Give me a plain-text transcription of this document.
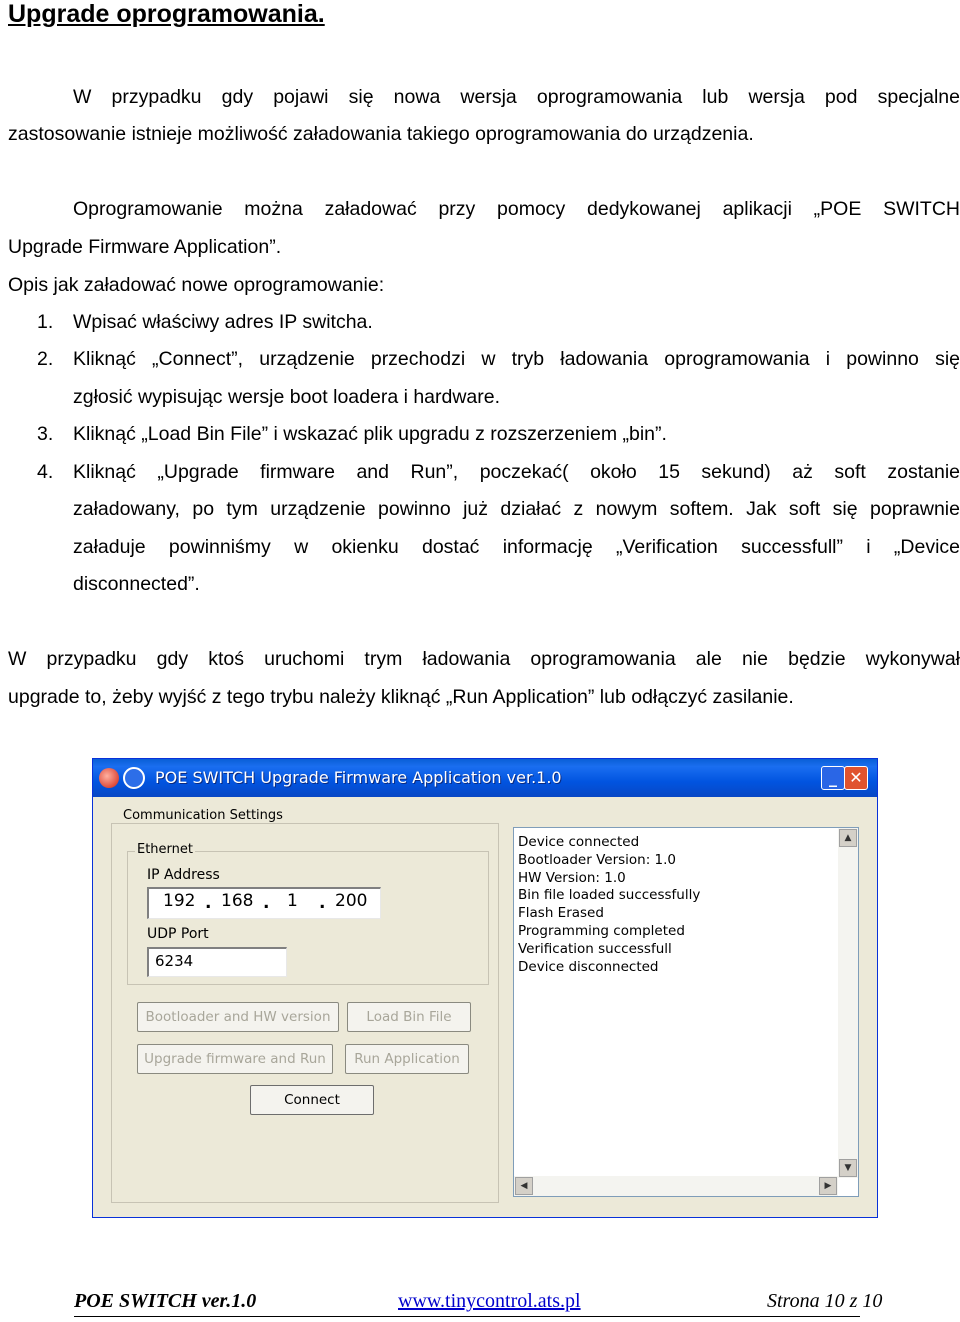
Upgrade oprogramowania.
W przypadku gdy pojawi się nowa wersja oprogramowania lub wersja pod specjalne
zastosowanie istnieje możliwość załadowania takiego oprogramowania do urządzenia.
Oprogramowanie można załadować przy pomocy dedykowanej aplikacji „POE SWITCH
Upgrade Firmware Application”.
Opis jak załadować nowe oprogramowanie:
1. Wpisać właściwy adres IP switcha.
2. Kliknąć „Connect”, urządzenie przechodzi w tryb ładowania oprogramowania i powinno się
zgłosić wypisując wersje boot loadera i hardware.
3. Kliknąć „Load Bin File” i wskazać plik upgradu z rozszerzeniem „bin”.
4. Kliknąć „Upgrade firmware and Run”, poczekać( około 15 sekund) aż soft zostanie
załadowany, po tym urządzenie powinno już działać z nowym softem. Jak soft się poprawnie
załaduje powinniśmy w okienku dostać informację „Verification successfull” i „Device
disconnected”.
W przypadku gdy ktoś uruchomi trym ładowania oprogramowania ale nie będzie wykonywał
upgrade to, żeby wyjść z tego trybu należy kliknąć „Run Application” lub odłączyć zasilanie.
POE SWITCH Upgrade Firmware Application ver.1.0	_ ✕
Communication Settings
Ethernet
IP Address
192 . 168 . 1 . 200
UDP Port
6234
Bootloader and HW version	Load Bin File
Upgrade firmware and Run	Run Application
Connect
Device connected
Bootloader Version: 1.0
HW Version: 1.0
Bin file loaded successfully
Flash Erased
Programming completed
Verification successfull
Device disconnected
▲
▼
◀	▶
POE SWITCH ver.1.0	www.tinycontrol.ats.pl	Strona 10 z 10
